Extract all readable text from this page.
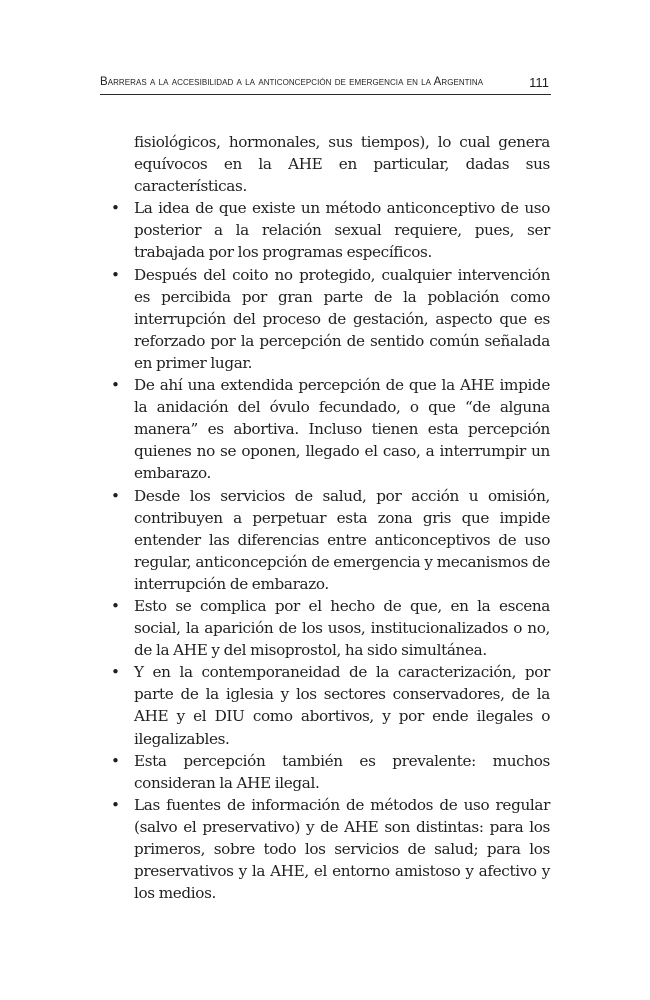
Barreras a la accesibilidad a la anticoncepción de emergencia en la Argentina	111

fisiológicos, hormonales, sus tiempos), lo cual genera equívocos en la AHE en particular, dadas sus características.

• La idea de que existe un método anticonceptivo de uso posterior a la relación sexual requiere, pues, ser trabajada por los programas específicos.
• Después del coito no protegido, cualquier intervención es percibida por gran parte de la población como interrupción del proceso de gestación, aspecto que es reforzado por la percepción de sentido común señalada en primer lugar.
• De ahí una extendida percepción de que la AHE impide la anidación del óvulo fecundado, o que “de alguna manera” es abortiva. Incluso tienen esta percepción quienes no se oponen, llegado el caso, a interrumpir un embarazo.
• Desde los servicios de salud, por acción u omisión, contribuyen a perpetuar esta zona gris que impide entender las diferencias entre anticonceptivos de uso regular, anticoncepción de emergencia y mecanismos de interrupción de embarazo.
• Esto se complica por el hecho de que, en la escena social, la aparición de los usos, institucionalizados o no, de la AHE y del misoprostol, ha sido simultánea.
• Y en la contemporaneidad de la caracterización, por parte de la iglesia y los sectores conservadores, de la AHE y el DIU como abortivos, y por ende ilegales o ilegalizables.
• Esta percepción también es prevalente: muchos consideran la AHE ilegal.
• Las fuentes de información de métodos de uso regular (salvo el preservativo) y de AHE son distintas: para los primeros, sobre todo los servicios de salud; para los preservativos y la AHE, el entorno amistoso y afectivo y los medios.
